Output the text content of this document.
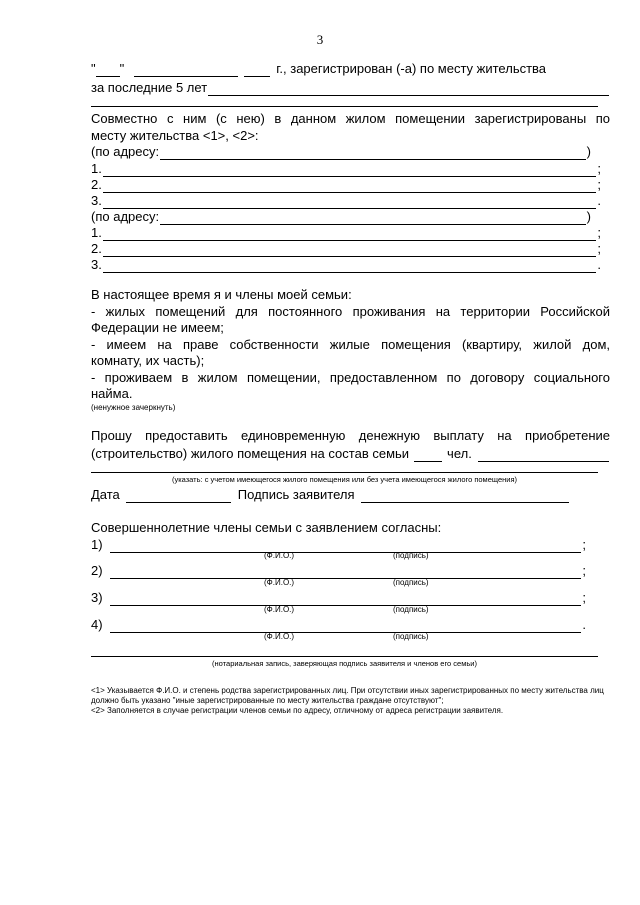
3
" "	г., зарегистрирован (-а) по месту жительства
за последние 5 лет
Совместно с ним (с нею) в данном жилом помещении зарегистрированы по
месту жительства <1>, <2>:
(по адресу:	)
1.	;
2.	;
3.	.
(по адресу:	)
1.	;
2.	;
3.	.
В настоящее время я и члены моей семьи:
- жилых помещений для постоянного проживания на территории Российской
Федерации не имеем;
- имеем на праве собственности жилые помещения (квартиру, жилой дом,
комнату, их часть);
- проживаем в жилом помещении, предоставленном по договору социального
найма.
(ненужное зачеркнуть)
Прошу предоставить единовременную денежную выплату на приобретение
(строительство) жилого помещения на состав семьи	чел.
(указать: с учетом имеющегося жилого помещения или без учета имеющегося жилого помещения)
Дата	Подпись заявителя
Совершеннолетние члены семьи с заявлением согласны:
1)	;
(Ф.И.О.)	(подпись)
2)	;
(Ф.И.О.)	(подпись)
3)	;
(Ф.И.О.)	(подпись)
4)	.
(Ф.И.О.)	(подпись)
(нотариальная запись, заверяющая подпись заявителя и членов его семьи)
<1> Указывается Ф.И.О. и степень родства зарегистрированных лиц. При отсутствии иных зарегистрированных по месту жительства лиц должно быть указано "иные зарегистрированные по месту жительства граждане отсутствуют";
<2> Заполняется в случае регистрации членов семьи по адресу, отличному от адреса регистрации заявителя.
